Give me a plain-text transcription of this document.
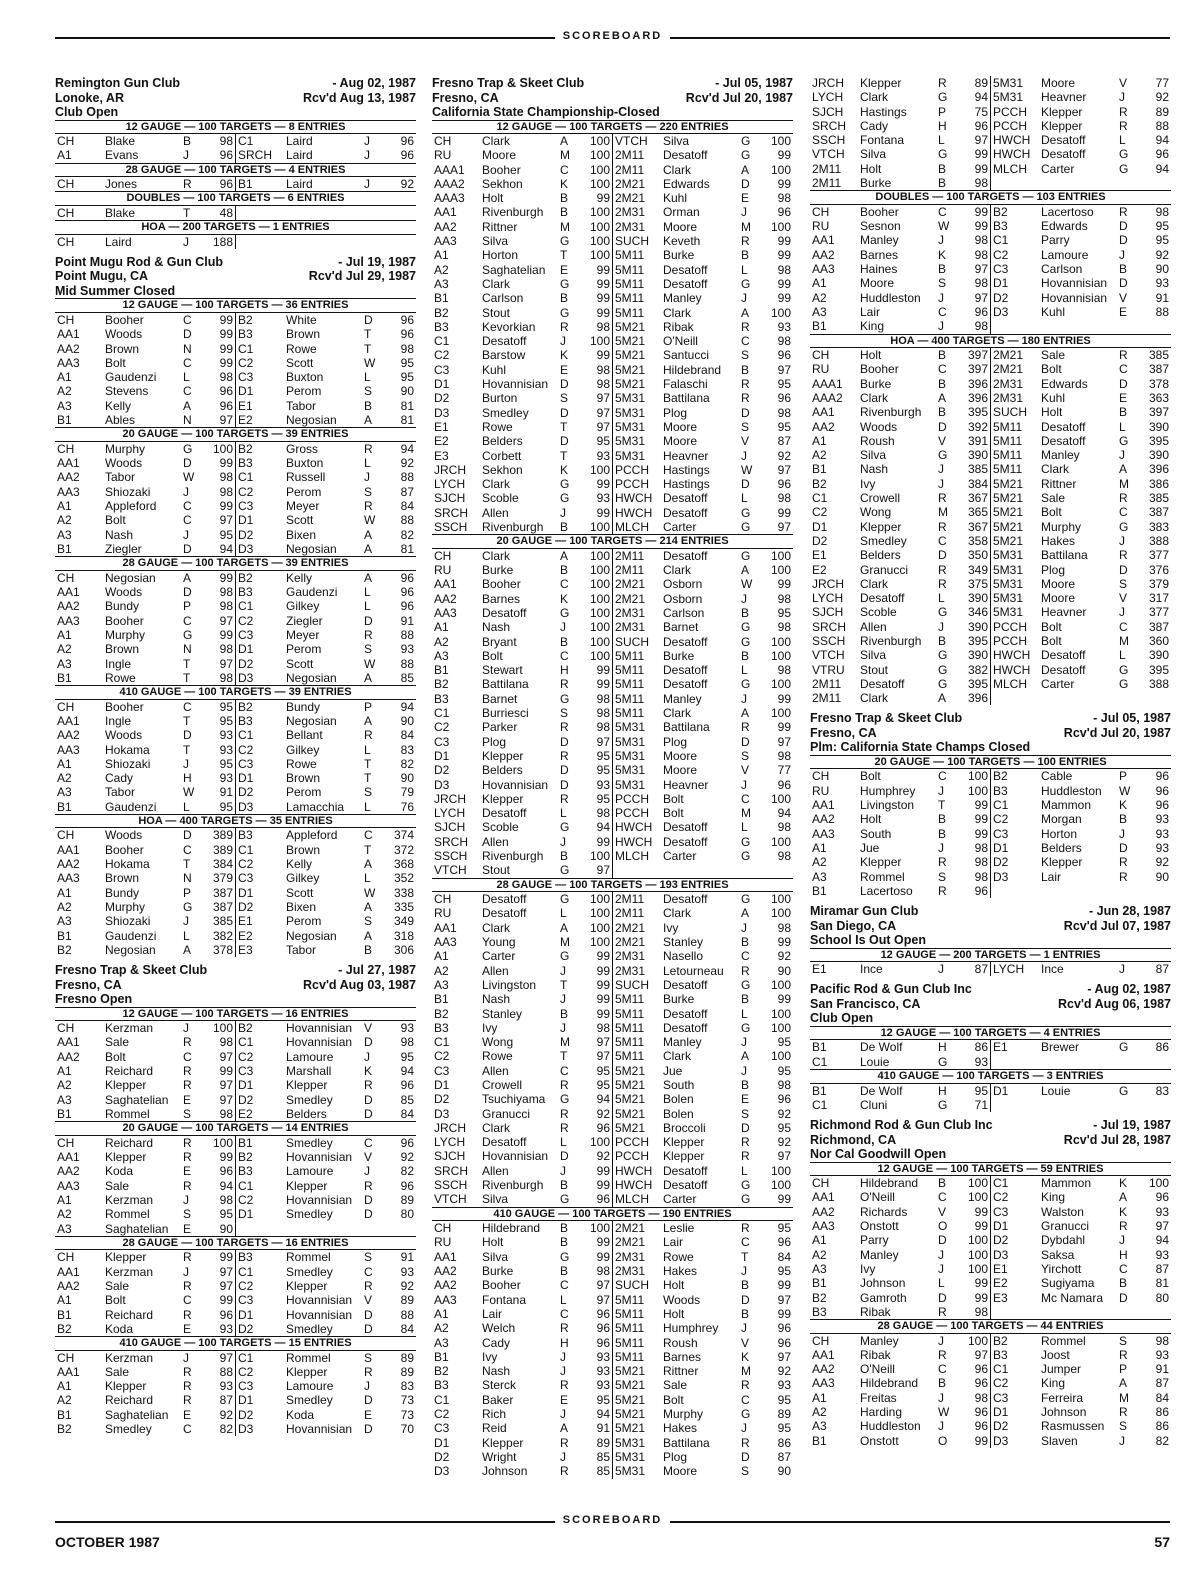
SCOREBOARD
Remington Gun Club	- Aug 02, 1987
Lonoke, AR	Rcv'd Aug 13, 1987
Club Open
12 GAUGE — 100 TARGETS — 8 ENTRIES
CH	Blake	B	98	C1	Laird	J	96
A1	Evans	J	96	SRCH	Laird	J	96
28 GAUGE — 100 TARGETS — 4 ENTRIES
CH	Jones	R	96	B1	Laird	J	92
DOUBLES — 100 TARGETS — 6 ENTRIES
CH	Blake	T	48				
HOA — 200 TARGETS — 1 ENTRIES
CH	Laird	J	188				
Point Mugu Rod & Gun Club	- Jul 19, 1987
Point Mugu, CA	Rcv'd Jul 29, 1987
Mid Summer Closed
12 GAUGE — 100 TARGETS — 36 ENTRIES
CH	Booher	C	99	B2	White	D	96
AA1	Woods	D	99	B3	Brown	T	96
AA2	Brown	N	99	C1	Rowe	T	98
AA3	Bolt	C	99	C2	Scott	W	95
A1	Gaudenzi	L	98	C3	Buxton	L	95
A2	Stevens	C	96	D1	Perom	S	90
A3	Kelly	A	96	E1	Tabor	B	81
B1	Ables	N	97	E2	Negosian	A	81
20 GAUGE — 100 TARGETS — 39 ENTRIES
CH	Murphy	G	100	B2	Gross	R	94
AA1	Woods	D	99	B3	Buxton	L	92
AA2	Tabor	W	98	C1	Russell	J	88
AA3	Shiozaki	J	98	C2	Perom	S	87
A1	Appleford	C	99	C3	Meyer	R	84
A2	Bolt	C	97	D1	Scott	W	88
A3	Nash	J	95	D2	Bixen	A	82
B1	Ziegler	D	94	D3	Negosian	A	81
28 GAUGE — 100 TARGETS — 39 ENTRIES
CH	Negosian	A	99	B2	Kelly	A	96
AA1	Woods	D	98	B3	Gaudenzi	L	96
AA2	Bundy	P	98	C1	Gilkey	L	96
AA3	Booher	C	97	C2	Ziegler	D	91
A1	Murphy	G	99	C3	Meyer	R	88
A2	Brown	N	98	D1	Perom	S	93
A3	Ingle	T	97	D2	Scott	W	88
B1	Rowe	T	98	D3	Negosian	A	85
410 GAUGE — 100 TARGETS — 39 ENTRIES
CH	Booher	C	95	B2	Bundy	P	94
AA1	Ingle	T	95	B3	Negosian	A	90
AA2	Woods	D	93	C1	Bellant	R	84
AA3	Hokama	T	93	C2	Gilkey	L	83
A1	Shiozaki	J	95	C3	Rowe	T	82
A2	Cady	H	93	D1	Brown	T	90
A3	Tabor	W	91	D2	Perom	S	79
B1	Gaudenzi	L	95	D3	Lamacchia	L	76
HOA — 400 TARGETS — 35 ENTRIES
CH	Woods	D	389	B3	Appleford	C	374
AA1	Booher	C	389	C1	Brown	T	372
AA2	Hokama	T	384	C2	Kelly	A	368
AA3	Brown	N	379	C3	Gilkey	L	352
A1	Bundy	P	387	D1	Scott	W	338
A2	Murphy	G	387	D2	Bixen	A	335
A3	Shiozaki	J	385	E1	Perom	S	349
B1	Gaudenzi	L	382	E2	Negosian	A	318
B2	Negosian	A	378	E3	Tabor	B	306
Fresno Trap & Skeet Club	- Jul 27, 1987
Fresno, CA	Rcv'd Aug 03, 1987
Fresno Open
12 GAUGE — 100 TARGETS — 16 ENTRIES
CH	Kerzman	J	100	B2	Hovannisian	V	93
AA1	Sale	R	98	C1	Hovannisian	D	98
AA2	Bolt	C	97	C2	Lamoure	J	95
A1	Reichard	R	99	C3	Marshall	K	94
A2	Klepper	R	97	D1	Klepper	R	96
A3	Saghatelian	E	97	D2	Smedley	D	85
B1	Rommel	S	98	E2	Belders	D	84
20 GAUGE — 100 TARGETS — 14 ENTRIES
CH	Reichard	R	100	B1	Smedley	C	96
AA1	Klepper	R	99	B2	Hovannisian	V	92
AA2	Koda	E	96	B3	Lamoure	J	82
AA3	Sale	R	94	C1	Klepper	R	96
A1	Kerzman	J	98	C2	Hovannisian	D	89
A2	Rommel	S	95	D1	Smedley	D	80
A3	Saghatelian	E	90				
28 GAUGE — 100 TARGETS — 16 ENTRIES
CH	Klepper	R	99	B3	Rommel	S	91
AA1	Kerzman	J	97	C1	Smedley	C	93
AA2	Sale	R	97	C2	Klepper	R	92
A1	Bolt	C	99	C3	Hovannisian	V	89
B1	Reichard	R	96	D1	Hovannisian	D	88
B2	Koda	E	93	D2	Smedley	D	84
410 GAUGE — 100 TARGETS — 15 ENTRIES
CH	Kerzman	J	97	C1	Rommel	S	89
AA1	Sale	R	88	C2	Klepper	R	89
A1	Klepper	R	93	C3	Lamoure	J	83
A2	Reichard	R	87	D1	Smedley	D	73
B1	Saghatelian	E	92	D2	Koda	E	73
B2	Smedley	C	82	D3	Hovannisian	D	70
Fresno Trap & Skeet Club	- Jul 05, 1987
Fresno, CA	Rcv'd Jul 20, 1987
California State Championship-Closed
12 GAUGE — 100 TARGETS — 220 ENTRIES
CH	Clark	A	100	VTCH	Silva	G	100
RU	Moore	M	100	2M11	Desatoff	G	99
AAA1	Booher	C	100	2M11	Clark	A	100
AAA2	Sekhon	K	100	2M21	Edwards	D	99
AAA3	Holt	B	99	2M21	Kuhl	E	98
AA1	Rivenburgh	B	100	2M31	Orman	J	96
AA2	Rittner	M	100	2M31	Moore	M	100
AA3	Silva	G	100	SUCH	Keveth	R	99
A1	Horton	T	100	5M11	Burke	B	99
A2	Saghatelian	E	99	5M11	Desatoff	L	98
A3	Clark	G	99	5M11	Desatoff	G	99
B1	Carlson	B	99	5M11	Manley	J	99
B2	Stout	G	99	5M11	Clark	A	100
B3	Kevorkian	R	98	5M21	Ribak	R	93
C1	Desatoff	J	100	5M21	O'Neill	C	98
C2	Barstow	K	99	5M21	Santucci	S	96
C3	Kuhl	E	98	5M21	Hildebrand	B	97
D1	Hovannisian	D	98	5M21	Falaschi	R	95
D2	Burton	S	97	5M31	Battilana	R	96
D3	Smedley	D	97	5M31	Plog	D	98
E1	Rowe	T	97	5M31	Moore	S	95
E2	Belders	D	95	5M31	Moore	V	87
E3	Corbett	T	93	5M31	Heavner	J	92
JRCH	Sekhon	K	100	PCCH	Hastings	W	97
LYCH	Clark	G	99	PCCH	Hastings	D	96
SJCH	Scoble	G	93	HWCH	Desatoff	L	98
SRCH	Allen	J	99	HWCH	Desatoff	G	99
SSCH	Rivenburgh	B	100	MLCH	Carter	G	97
20 GAUGE — 100 TARGETS — 214 ENTRIES
CH	Clark	A	100	2M11	Desatoff	G	100
RU	Burke	B	100	2M11	Clark	A	100
AA1	Booher	C	100	2M21	Osborn	W	99
AA2	Barnes	K	100	2M21	Osborn	J	98
AA3	Desatoff	G	100	2M31	Carlson	B	95
A1	Nash	J	100	2M31	Barnet	G	98
A2	Bryant	B	100	SUCH	Desatoff	G	100
A3	Bolt	C	100	5M11	Burke	B	100
B1	Stewart	H	99	5M11	Desatoff	L	98
B2	Battilana	R	99	5M11	Desatoff	G	100
B3	Barnet	G	98	5M11	Manley	J	99
C1	Burriesci	S	98	5M11	Clark	A	100
C2	Parker	R	98	5M31	Battilana	R	99
C3	Plog	D	97	5M31	Plog	D	97
D1	Klepper	R	95	5M31	Moore	S	98
D2	Belders	D	95	5M31	Moore	V	77
D3	Hovannisian	D	93	5M31	Heavner	J	96
JRCH	Klepper	R	95	PCCH	Bolt	C	100
LYCH	Desatoff	L	98	PCCH	Bolt	M	94
SJCH	Scoble	G	94	HWCH	Desatoff	L	98
SRCH	Allen	J	99	HWCH	Desatoff	G	100
SSCH	Rivenburgh	B	100	MLCH	Carter	G	98
VTCH	Stout	G	97				
28 GAUGE — 100 TARGETS — 193 ENTRIES
CH	Desatoff	G	100	2M11	Desatoff	G	100
RU	Desatoff	L	100	2M11	Clark	A	100
AA1	Clark	A	100	2M21	Ivy	J	98
AA3	Young	M	100	2M21	Stanley	B	99
A1	Carter	G	99	2M31	Nasello	C	92
A2	Allen	J	99	2M31	Letourneau	R	90
A3	Livingston	T	99	SUCH	Desatoff	G	100
B1	Nash	J	99	5M11	Burke	B	99
B2	Stanley	B	99	5M11	Desatoff	L	100
B3	Ivy	J	98	5M11	Desatoff	G	100
C1	Wong	M	97	5M11	Manley	J	95
C2	Rowe	T	97	5M11	Clark	A	100
C3	Allen	C	95	5M21	Jue	J	95
D1	Crowell	R	95	5M21	South	B	98
D2	Tsuchiyama	G	94	5M21	Bolen	E	96
D3	Granucci	R	92	5M21	Bolen	S	92
JRCH	Clark	R	96	5M21	Broccoli	D	95
LYCH	Desatoff	L	100	PCCH	Klepper	R	92
SJCH	Hovannisian	D	92	PCCH	Klepper	R	97
SRCH	Allen	J	99	HWCH	Desatoff	L	100
SSCH	Rivenburgh	B	99	HWCH	Desatoff	G	100
VTCH	Silva	G	96	MLCH	Carter	G	99
410 GAUGE — 100 TARGETS — 190 ENTRIES
CH	Hildebrand	B	100	2M21	Leslie	R	95
RU	Holt	B	99	2M21	Lair	C	96
AA1	Silva	G	99	2M31	Rowe	T	84
AA2	Burke	B	98	2M31	Hakes	J	95
AA2	Booher	C	97	SUCH	Holt	B	99
AA3	Fontana	L	97	5M11	Woods	D	97
A1	Lair	C	96	5M11	Holt	B	99
A2	Welch	R	96	5M11	Humphrey	J	96
A3	Cady	H	96	5M11	Roush	V	96
B1	Ivy	J	93	5M11	Barnes	K	97
B2	Nash	J	93	5M21	Rittner	M	92
B3	Sterck	R	93	5M21	Sale	R	93
C1	Baker	E	95	5M21	Bolt	C	95
C2	Rich	J	94	5M21	Murphy	G	89
C3	Reid	A	91	5M21	Hakes	J	95
D1	Klepper	R	89	5M31	Battilana	R	86
D2	Wright	J	85	5M31	Plog	D	87
D3	Johnson	R	85	5M31	Moore	S	90
JRCH	Klepper	R	89	5M31	Moore	V	77
LYCH	Clark	G	94	5M31	Heavner	J	92
SJCH	Hastings	P	75	PCCH	Klepper	R	89
SRCH	Cady	H	96	PCCH	Klepper	R	88
SSCH	Fontana	L	97	HWCH	Desatoff	L	94
VTCH	Silva	G	99	HWCH	Desatoff	G	96
2M11	Holt	B	99	MLCH	Carter	G	94
2M11	Burke	B	98				
DOUBLES — 100 TARGETS — 103 ENTRIES
CH	Booher	C	99	B2	Lacertoso	R	98
RU	Sesnon	W	99	B3	Edwards	D	95
AA1	Manley	J	98	C1	Parry	D	95
AA2	Barnes	K	98	C2	Lamoure	J	92
AA3	Haines	B	97	C3	Carlson	B	90
A1	Moore	S	98	D1	Hovannisian	D	93
A2	Huddleston	J	97	D2	Hovannisian	V	91
A3	Lair	C	96	D3	Kuhl	E	88
B1	King	J	98				
HOA — 400 TARGETS — 180 ENTRIES
CH	Holt	B	397	2M21	Sale	R	385
RU	Booher	C	397	2M21	Bolt	C	387
AAA1	Burke	B	396	2M31	Edwards	D	378
AAA2	Clark	A	396	2M31	Kuhl	E	363
AA1	Rivenburgh	B	395	SUCH	Holt	B	397
AA2	Woods	D	392	5M11	Desatoff	L	390
A1	Roush	V	391	5M11	Desatoff	G	395
A2	Silva	G	390	5M11	Manley	J	390
B1	Nash	J	385	5M11	Clark	A	396
B2	Ivy	J	384	5M21	Rittner	M	386
C1	Crowell	R	367	5M21	Sale	R	385
C2	Wong	M	365	5M21	Bolt	C	387
D1	Klepper	R	367	5M21	Murphy	G	383
D2	Smedley	C	358	5M21	Hakes	J	388
E1	Belders	D	350	5M31	Battilana	R	377
E2	Granucci	R	349	5M31	Plog	D	376
JRCH	Clark	R	375	5M31	Moore	S	379
LYCH	Desatoff	L	390	5M31	Moore	V	317
SJCH	Scoble	G	346	5M31	Heavner	J	377
SRCH	Allen	J	390	PCCH	Bolt	C	387
SSCH	Rivenburgh	B	395	PCCH	Bolt	M	360
VTCH	Silva	G	390	HWCH	Desatoff	L	390
VTRU	Stout	G	382	HWCH	Desatoff	G	395
2M11	Desatoff	G	395	MLCH	Carter	G	388
2M11	Clark	A	396				
Fresno Trap & Skeet Club	- Jul 05, 1987
Fresno, CA	Rcv'd Jul 20, 1987
Plm: California State Champs Closed
20 GAUGE — 100 TARGETS — 100 ENTRIES
CH	Bolt	C	100	B2	Cable	P	96
RU	Humphrey	J	100	B3	Huddleston	W	96
AA1	Livingston	T	99	C1	Mammon	K	96
AA2	Holt	B	99	C2	Morgan	B	93
AA3	South	B	99	C3	Horton	J	93
A1	Jue	J	98	D1	Belders	D	93
A2	Klepper	R	98	D2	Klepper	R	92
A3	Rommel	S	98	D3	Lair	R	90
B1	Lacertoso	R	96				
Miramar Gun Club	- Jun 28, 1987
San Diego, CA	Rcv'd Jul 07, 1987
School Is Out Open
12 GAUGE — 200 TARGETS — 1 ENTRIES
E1	Ince	J	87	LYCH	Ince	J	87
Pacific Rod & Gun Club Inc	- Aug 02, 1987
San Francisco, CA	Rcv'd Aug 06, 1987
Club Open
12 GAUGE — 100 TARGETS — 4 ENTRIES
B1	De Wolf	H	86	E1	Brewer	G	86
C1	Louie	G	93				
410 GAUGE — 100 TARGETS — 3 ENTRIES
B1	De Wolf	H	95	D1	Louie	G	83
C1	Cluni	G	71				
Richmond Rod & Gun Club Inc	- Jul 19, 1987
Richmond, CA	Rcv'd Jul 28, 1987
Nor Cal Goodwill Open
12 GAUGE — 100 TARGETS — 59 ENTRIES
CH	Hildebrand	B	100	C1	Mammon	K	100
AA1	O'Neill	C	100	C2	King	A	96
AA2	Richards	V	99	C3	Walston	K	93
AA3	Onstott	O	99	D1	Granucci	R	97
A1	Parry	D	100	D2	Dybdahl	J	94
A2	Manley	J	100	D3	Saksa	H	93
A3	Ivy	J	100	E1	Yirchott	C	87
B1	Johnson	L	99	E2	Sugiyama	B	81
B2	Gamroth	D	99	E3	Mc Namara	D	80
B3	Ribak	R	98				
28 GAUGE — 100 TARGETS — 44 ENTRIES
CH	Manley	J	100	B2	Rommel	S	98
AA1	Ribak	R	97	B3	Joost	R	93
AA2	O'Neill	C	96	C1	Jumper	P	91
AA3	Hildebrand	B	96	C2	King	A	87
A1	Freitas	J	98	C3	Ferreira	M	84
A2	Harding	W	96	D1	Johnson	R	86
A3	Huddleston	J	96	D2	Rasmussen	S	86
B1	Onstott	O	99	D3	Slaven	J	82
SCOREBOARD
OCTOBER 1987	57
